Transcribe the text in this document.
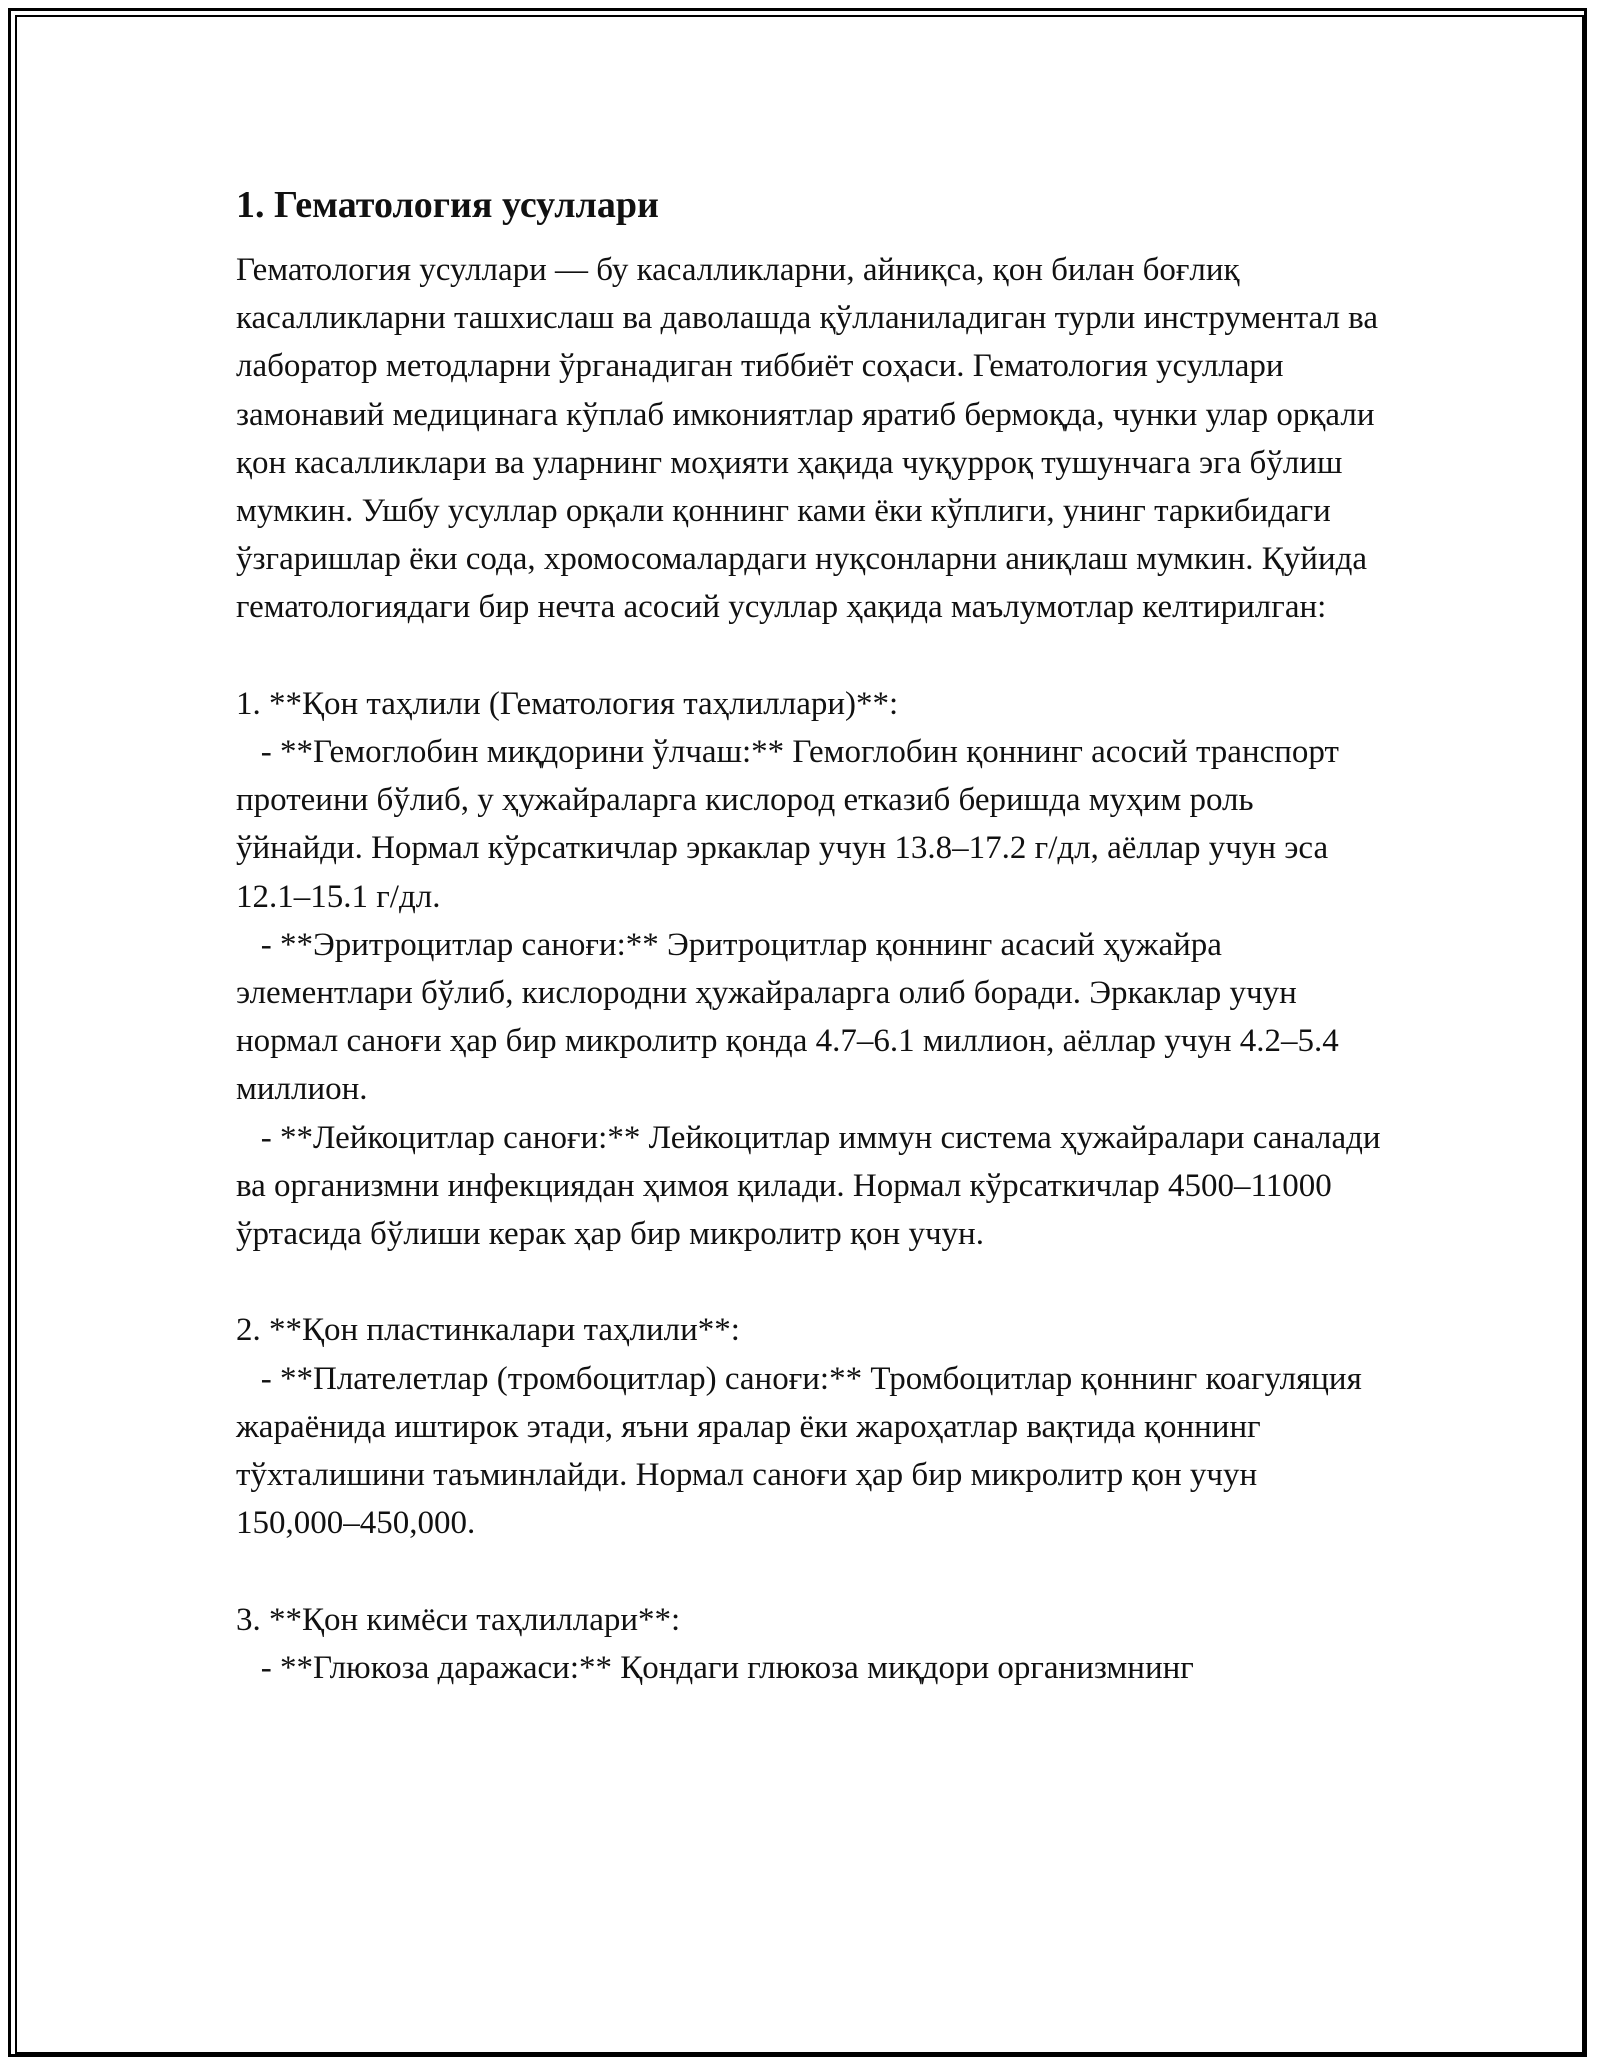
1. Гематология усуллари

Гематология усуллари — бу касалликларни, айниқса, қон билан боғлиқ касалликларни ташхислаш ва даволашда қўлланиладиган турли инструментал ва лаборатор методларни ўрганадиган тиббиёт соҳаси. Гематология усуллари замонавий медицинага кўплаб имкониятлар яратиб бермоқда, чунки улар орқали қон касалликлари ва уларнинг моҳияти ҳақида чуқурроқ тушунчага эга бўлиш мумкин. Ушбу усуллар орқали қоннинг ками ёки кўплиги, унинг таркибидаги ўзгаришлар ёки сода, хромосомалардаги нуқсонларни аниқлаш мумкин. Қуйида гематологиядаги бир нечта асосий усуллар ҳақида маълумотлар келтирилган:

1. **Қон таҳлили (Гематология таҳлиллари)**:

- **Гемоглобин миқдорини ўлчаш:** Гемоглобин қоннинг асосий транспорт протеини бўлиб, у ҳужайраларга кислород етказиб беришда муҳим роль ўйнайди. Нормал кўрсаткичлар эркаклар учун 13.8–17.2 г/дл, аёллар учун эса 12.1–15.1 г/дл.

- **Эритроцитлар саноғи:** Эритроцитлар қоннинг асасий ҳужайра элементлари бўлиб, кислородни ҳужайраларга олиб боради. Эркаклар учун нормал саноғи ҳар бир микролитр қонда 4.7–6.1 миллион, аёллар учун 4.2–5.4 миллион.

- **Лейкоцитлар саноғи:** Лейкоцитлар иммун система ҳужайралари саналади ва организмни инфекциядан ҳимоя қилади. Нормал кўрсаткичлар 4500–11000 ўртасида бўлиши керак ҳар бир микролитр қон учун.

2. **Қон пластинкалари таҳлили**:

- **Плателетлар (тромбоцитлар) саноғи:** Тромбоцитлар қоннинг коагуляция жараёнида иштирок этади, яъни яралар ёки жароҳатлар вақтида қоннинг тўхталишини таъминлайди. Нормал саноғи ҳар бир микролитр қон учун 150,000–450,000.

3. **Қон кимёси таҳлиллари**:

- **Глюкоза даражаси:** Қондаги глюкоза миқдори организмнинг
